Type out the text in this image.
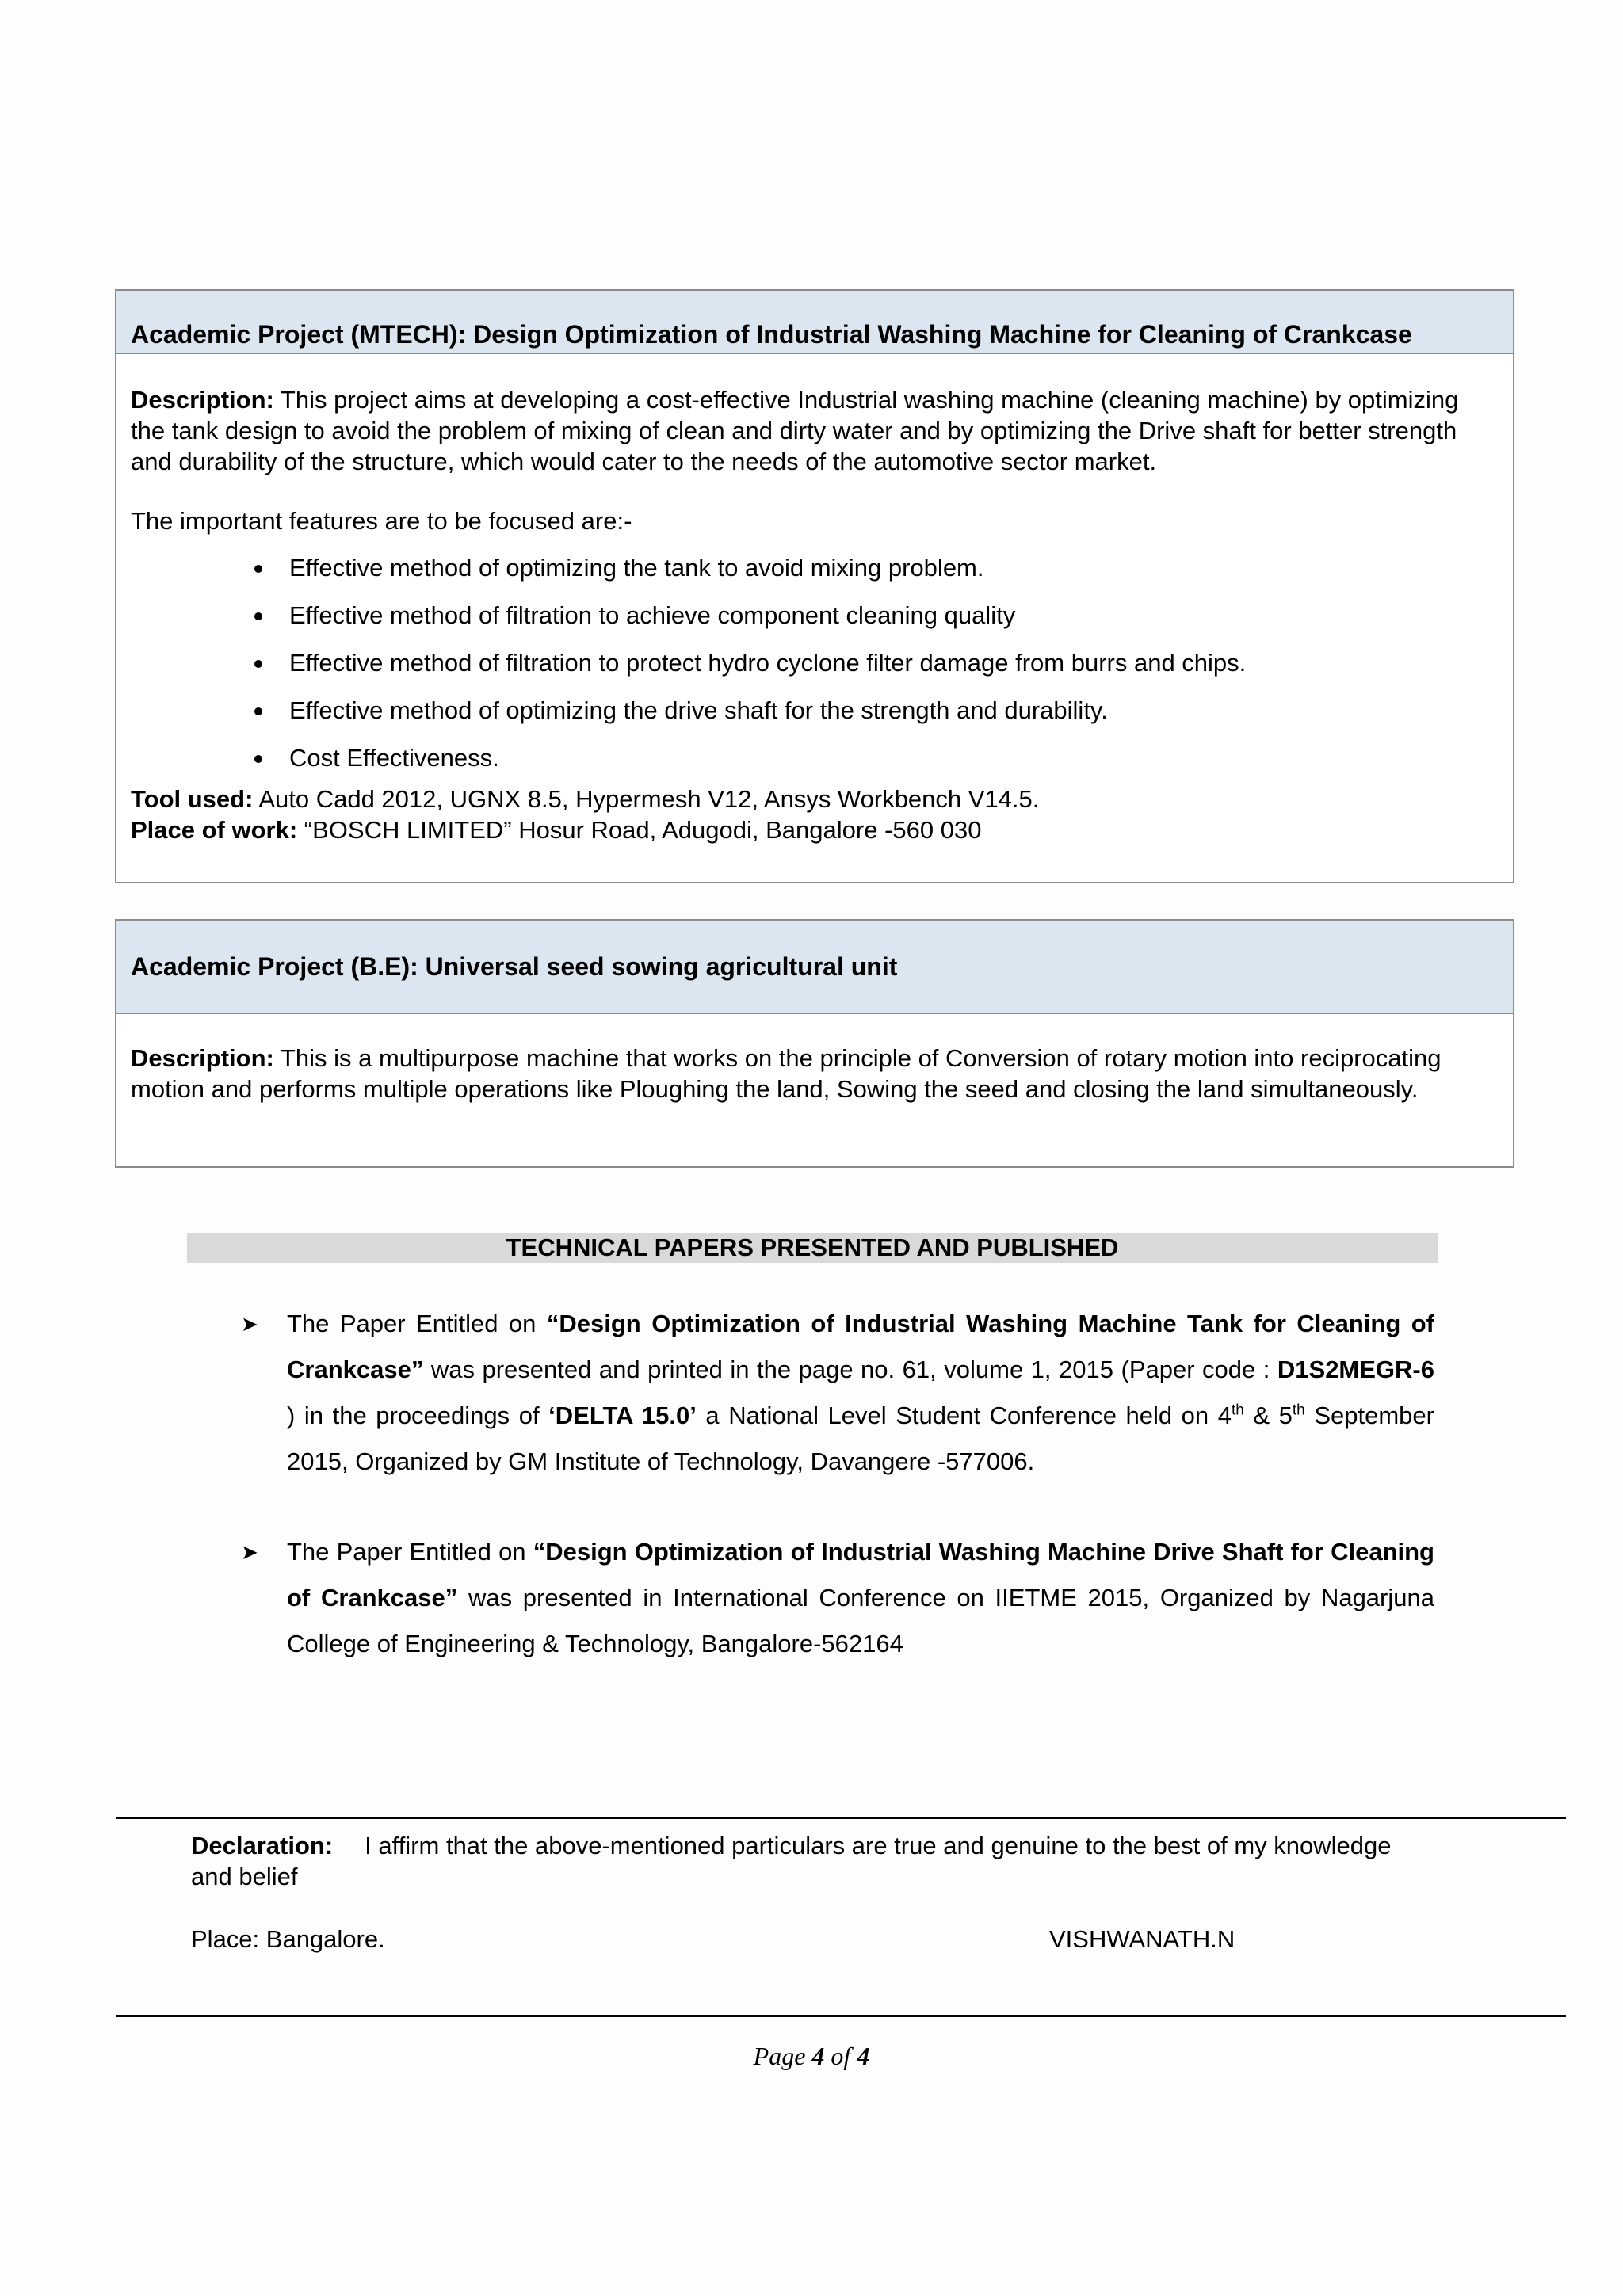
Academic Project (MTECH): Design Optimization of Industrial Washing Machine for Cleaning of Crankcase
Description: This project aims at developing a cost-effective Industrial washing machine (cleaning machine) by optimizing the tank design to avoid the problem of mixing of clean and dirty water and by optimizing the Drive shaft for better strength and durability of the structure, which would cater to the needs of the automotive sector market.
The important features are to be focused are:-
Effective method of optimizing the tank to avoid mixing problem.
Effective method of filtration to achieve component cleaning quality
Effective method of filtration to protect hydro cyclone filter damage from burrs and chips.
Effective method of optimizing the drive shaft for the strength and durability.
Cost Effectiveness.
Tool used: Auto Cadd 2012, UGNX 8.5, Hypermesh V12, Ansys Workbench V14.5.
Place of work: “BOSCH LIMITED” Hosur Road, Adugodi, Bangalore -560 030
Academic Project (B.E): Universal seed sowing agricultural unit
Description: This is a multipurpose machine that works on the principle of Conversion of rotary motion into reciprocating motion and performs multiple operations like Ploughing the land, Sowing the seed and closing the land simultaneously.
TECHNICAL PAPERS PRESENTED AND PUBLISHED
➤ The Paper Entitled on “Design Optimization of Industrial Washing Machine Tank for Cleaning of Crankcase” was presented and printed in the page no. 61, volume 1, 2015 (Paper code : D1S2MEGR-6 ) in the proceedings of ‘DELTA 15.0’ a National Level Student Conference held on 4th & 5th September 2015, Organized by GM Institute of Technology, Davangere -577006.
➤ The Paper Entitled on “Design Optimization of Industrial Washing Machine Drive Shaft for Cleaning of Crankcase” was presented in International Conference on IIETME 2015, Organized by Nagarjuna College of Engineering & Technology, Bangalore-562164
Declaration: I affirm that the above-mentioned particulars are true and genuine to the best of my knowledge and belief
Place: Bangalore.	VISHWANATH.N
Page 4 of 4
